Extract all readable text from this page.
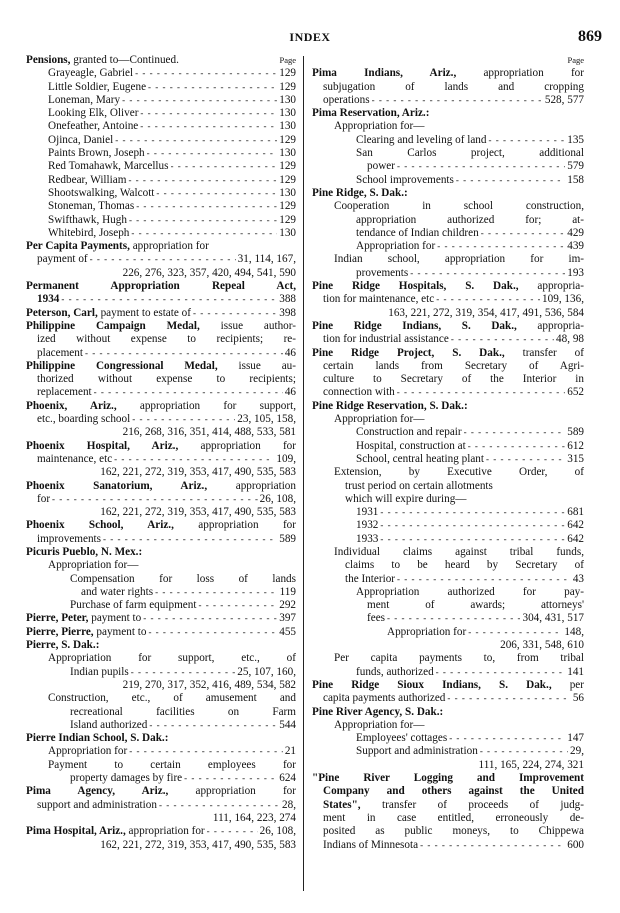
INDEX	869
Pensions, granted to—Continued.	Page
Grayeagle, Gabriel - - -	129
Little Soldier, Eugene - - -	129
Loneman, Mary - - -	130
Looking Elk, Oliver - - -	130
Onefeather, Antoine - - -	130
Ojinca, Daniel - - -	129
Paints Brown, Joseph - - -	130
Red Tomahawk, Marcellus - - -	129
Redbear, William - - -	129
Shootswalking, Walcott - - -	130
Stoneman, Thomas - - -	129
Swifthawk, Hugh - - -	129
Whitebird, Joseph - - -	130
Per Capita Payments, appropriation for
payment of - - -	31, 114, 167,
226, 276, 323, 357, 420, 494, 541, 590
Permanent Appropriation Repeal Act,
1934 - - -	388
Peterson, Carl, payment to estate of - - -	398
Philippine Campaign Medal, issue author-
ized without expense to recipients; re-
placement - - -	46
Philippine Congressional Medal, issue au-
thorized without expense to recipients;
replacement - - -	46
Phoenix, Ariz., appropriation for support,
etc., boarding school - - -	23, 105, 158,
216, 268, 316, 351, 414, 488, 533, 581
Phoenix Hospital, Ariz., appropriation for
maintenance, etc - - -	109,
162, 221, 272, 319, 353, 417, 490, 535, 583
Phoenix Sanatorium, Ariz., appropriation
for - - -	26, 108,
162, 221, 272, 319, 353, 417, 490, 535, 583
Phoenix School, Ariz., appropriation for
improvements - - -	589
Picuris Pueblo, N. Mex.:
Appropriation for—
Compensation for loss of lands
and water rights - - -	119
Purchase of farm equipment - - -	292
Pierre, Peter, payment to - - -	397
Pierre, Pierre, payment to - - -	455
Pierre, S. Dak.:
Appropriation for support, etc., of
Indian pupils - - -	25, 107, 160,
219, 270, 317, 352, 416, 489, 534, 582
Construction, etc., of amusement and
recreational facilities on Farm
Island authorized - - -	544
Pierre Indian School, S. Dak.:
Appropriation for - - -	21
Payment to certain employees for
property damages by fire - - -	624
Pima Agency, Ariz., appropriation for
support and administration - - -	28,
111, 164, 223, 274
Pima Hospital, Ariz., appropriation for - - -	26, 108,
162, 221, 272, 319, 353, 417, 490, 535, 583
Page
Pima Indians, Ariz., appropriation for
subjugation of lands and cropping
operations - - -	528, 577
Pima Reservation, Ariz.:
Appropriation for—
Clearing and leveling of land - - -	135
San Carlos project, additional
power - - -	579
School improvements - - -	158
Pine Ridge, S. Dak.:
Cooperation in school construction,
appropriation authorized for; at-
tendance of Indian children - - -	429
Appropriation for - - -	439
Indian school, appropriation for im-
provements - - -	193
Pine Ridge Hospitals, S. Dak., appropria-
tion for maintenance, etc - - -	109, 136,
163, 221, 272, 319, 354, 417, 491, 536, 584
Pine Ridge Indians, S. Dak., appropria-
tion for industrial assistance - - -	48, 98
Pine Ridge Project, S. Dak., transfer of
certain lands from Secretary of Agri-
culture to Secretary of the Interior in
connection with - - -	652
Pine Ridge Reservation, S. Dak.:
Appropriation for—
Construction and repair - - -	589
Hospital, construction at - - -	612
School, central heating plant - - -	315
Extension, by Executive Order, of
trust period on certain allotments
which will expire during—
1931 - - -	681
1932 - - -	642
1933 - - -	642
Individual claims against tribal funds,
claims to be heard by Secretary of
the Interior - - -	43
Appropriation authorized for pay-
ment of awards; attorneys'
fees - - -	304, 431, 517
Appropriation for - - -	148,
206, 331, 548, 610
Per capita payments to, from tribal
funds, authorized - - -	141
Pine Ridge Sioux Indians, S. Dak., per
capita payments authorized - - -	56
Pine River Agency, S. Dak.:
Appropriation for—
Employees' cottages - - -	147
Support and administration - - -	29,
111, 165, 224, 274, 321
"Pine River Logging and Improvement
Company and others against the United
States", transfer of proceeds of judg-
ment in case entitled, erroneously de-
posited as public moneys, to Chippewa
Indians of Minnesota - - -	600
